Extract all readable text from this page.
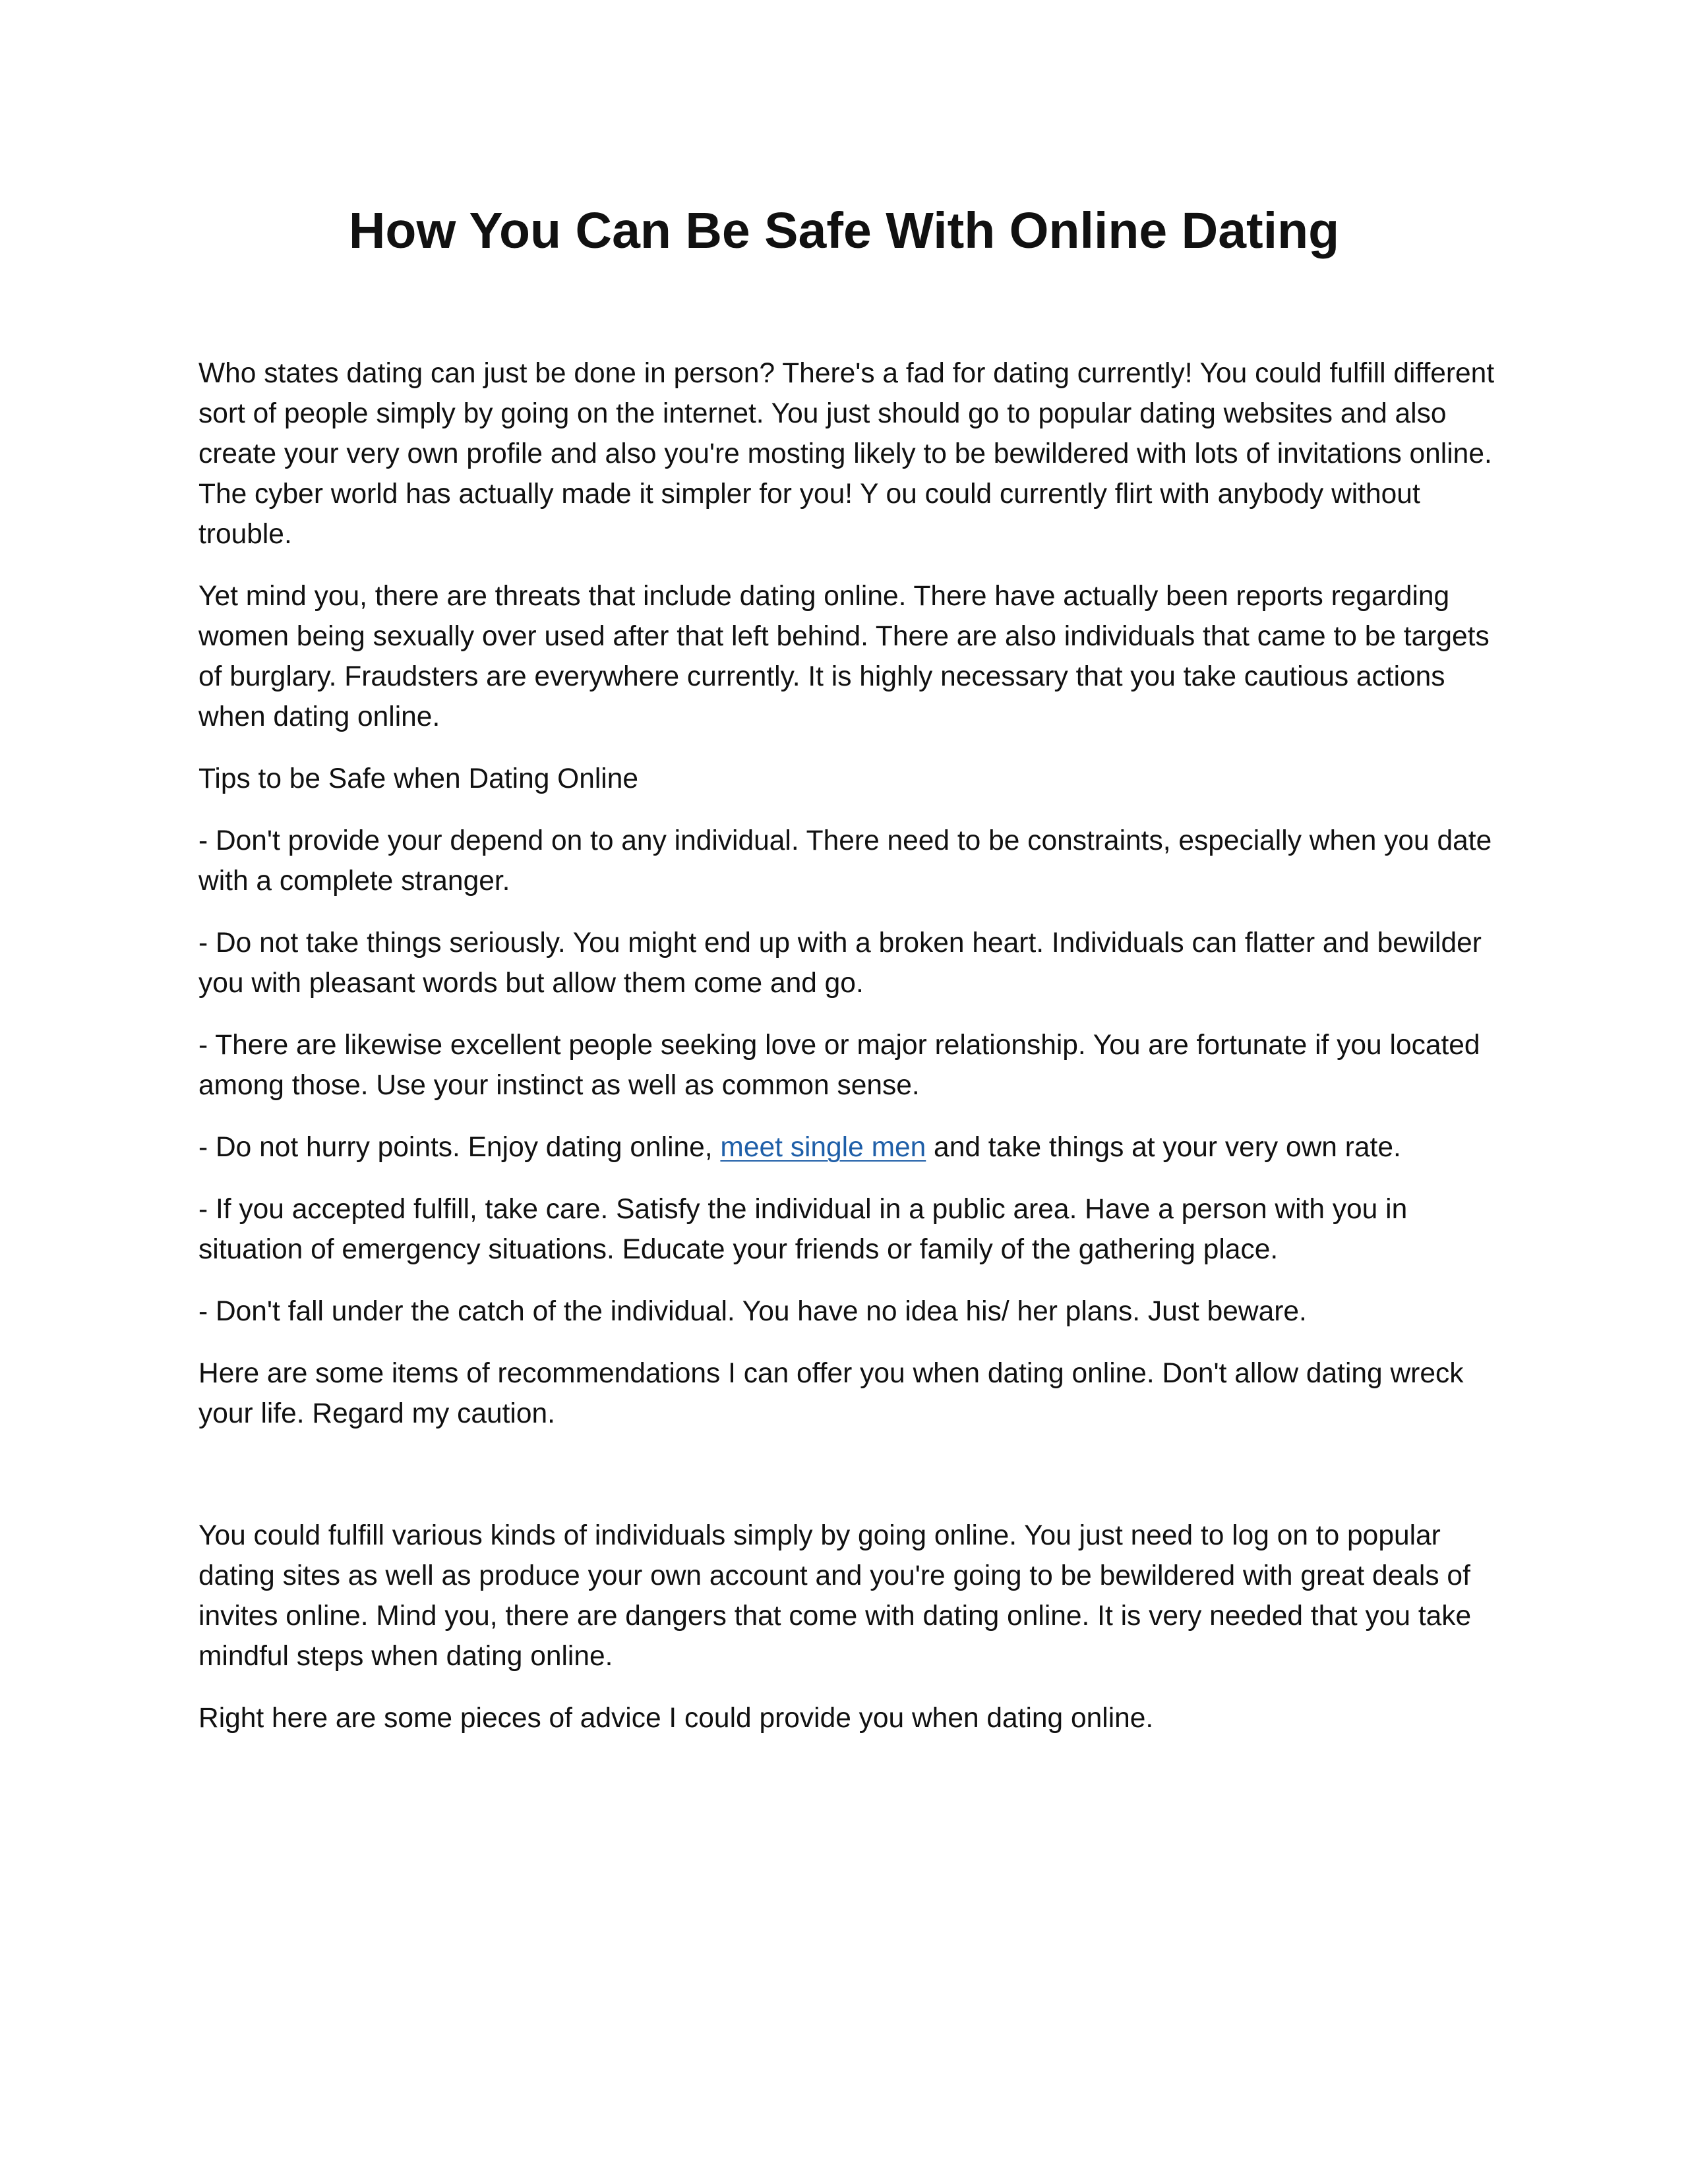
How You Can Be Safe With Online Dating

Who states dating can just be done in person? There's a fad for dating currently! You could fulfill different sort of people simply by going on the internet. You just should go to popular dating websites and also create your very own profile and also you're mosting likely to be bewildered with lots of invitations online. The cyber world has actually made it simpler for you! Y ou could currently flirt with anybody without trouble.

Yet mind you, there are threats that include dating online. There have actually been reports regarding women being sexually over used after that left behind. There are also individuals that came to be targets of burglary. Fraudsters are everywhere currently. It is highly necessary that you take cautious actions when dating online.

Tips to be Safe when Dating Online

- Don't provide your depend on to any individual. There need to be constraints, especially when you date with a complete stranger.

- Do not take things seriously. You might end up with a broken heart. Individuals can flatter and bewilder you with pleasant words but allow them come and go.

- There are likewise excellent people seeking love or major relationship. You are fortunate if you located among those. Use your instinct as well as common sense.

- Do not hurry points. Enjoy dating online, meet single men and take things at your very own rate.

- If you accepted fulfill, take care. Satisfy the individual in a public area. Have a person with you in situation of emergency situations. Educate your friends or family of the gathering place.

- Don't fall under the catch of the individual. You have no idea his/ her plans. Just beware.

Here are some items of recommendations I can offer you when dating online. Don't allow dating wreck your life. Regard my caution.

You could fulfill various kinds of individuals simply by going online. You just need to log on to popular dating sites as well as produce your own account and you're going to be bewildered with great deals of invites online. Mind you, there are dangers that come with dating online. It is very needed that you take mindful steps when dating online.

Right here are some pieces of advice I could provide you when dating online.
